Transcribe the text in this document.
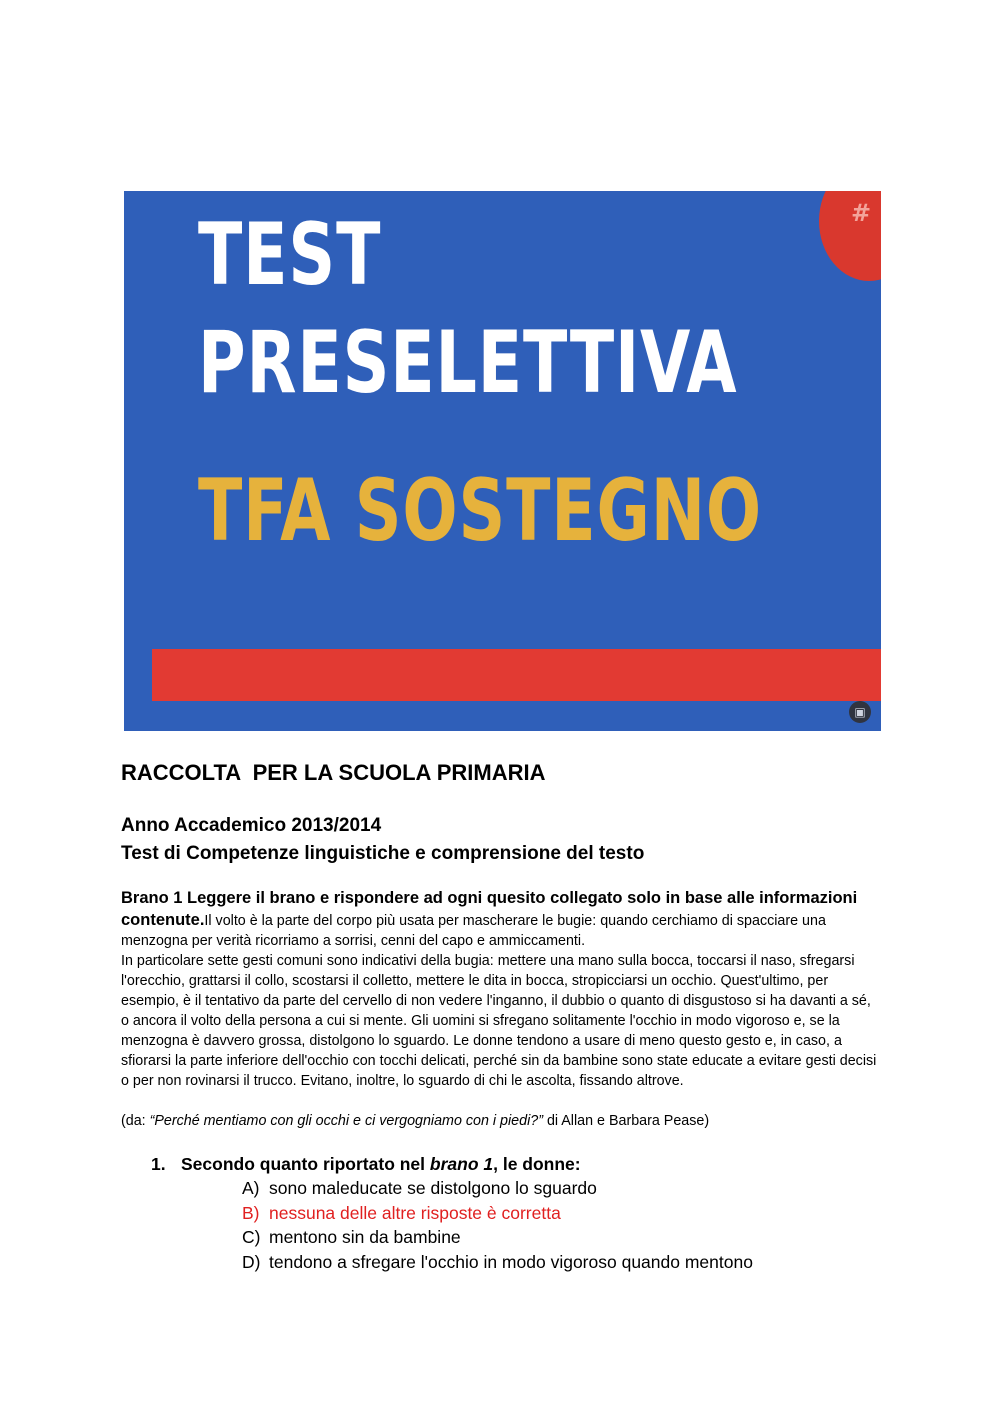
#

TEST

PRESELETTIVA

TFA SOSTEGNO

▣
RACCOLTA  PER LA SCUOLA PRIMARIA
Anno Accademico 2013/2014
Test di Competenze linguistiche e comprensione del testo

Brano 1 Leggere il brano e rispondere ad ogni quesito collegato solo in base alle informazioni contenute.Il volto è la parte del corpo più usata per mascherare le bugie: quando cerchiamo di spacciare una menzogna per verità ricorriamo a sorrisi, cenni del capo e ammiccamenti.

In particolare sette gesti comuni sono indicativi della bugia: mettere una mano sulla bocca, toccarsi il naso, sfregarsi l'orecchio, grattarsi il collo, scostarsi il colletto, mettere le dita in bocca, stropicciarsi un occhio. Quest'ultimo, per esempio, è il tentativo da parte del cervello di non vedere l'inganno, il dubbio o quanto di disgustoso si ha davanti a sé, o ancora il volto della persona a cui si mente. Gli uomini si sfregano solitamente l'occhio in modo vigoroso e, se la menzogna è davvero grossa, distolgono lo sguardo. Le donne tendono a usare di meno questo gesto e, in caso, a sfiorarsi la parte inferiore dell'occhio con tocchi delicati, perché sin da bambine sono state educate a evitare gesti decisi o per non rovinarsi il trucco. Evitano, inoltre, lo sguardo di chi le ascolta, fissando altrove.

(da: “Perché mentiamo con gli occhi e ci vergogniamo con i piedi?” di Allan e Barbara Pease)

1. Secondo quanto riportato nel brano 1, le donne:
A) sono maleducate se distolgono lo sguardo
B) nessuna delle altre risposte è corretta
C) mentono sin da bambine
D) tendono a sfregare l'occhio in modo vigoroso quando mentono
